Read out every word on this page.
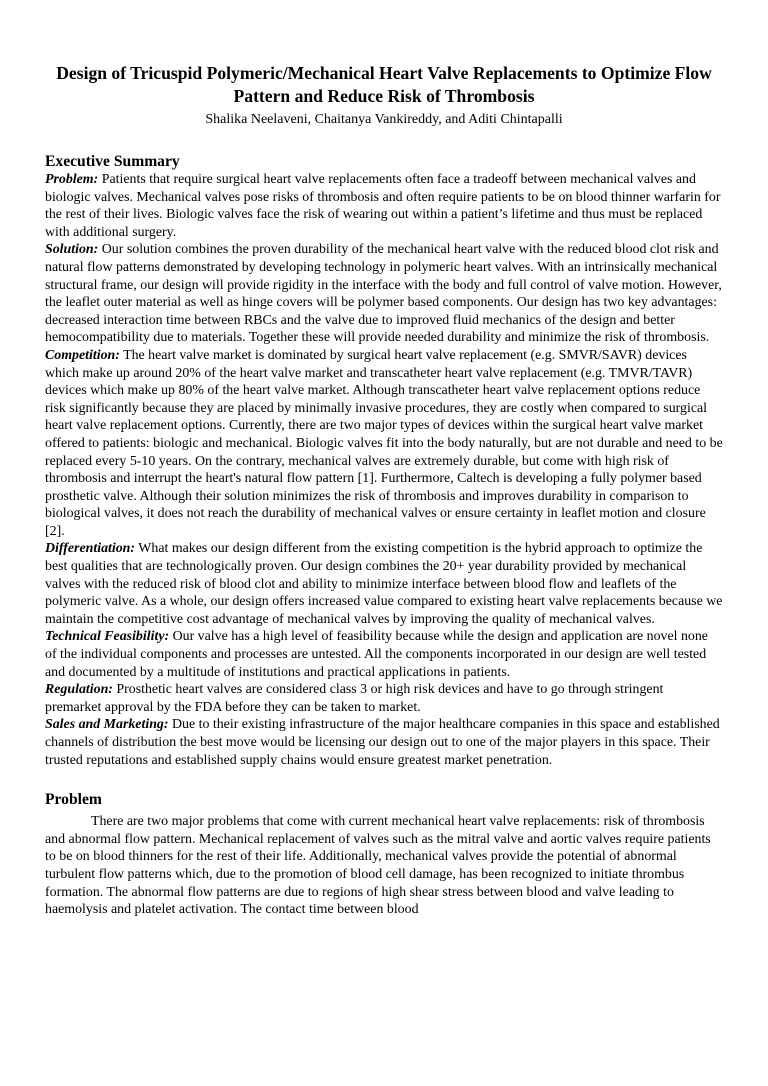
Design of Tricuspid Polymeric/Mechanical Heart Valve Replacements to Optimize Flow Pattern and Reduce Risk of Thrombosis

Shalika Neelaveni, Chaitanya Vankireddy, and Aditi Chintapalli

Executive Summary

Problem: Patients that require surgical heart valve replacements often face a tradeoff between mechanical valves and biologic valves. Mechanical valves pose risks of thrombosis and often require patients to be on blood thinner warfarin for the rest of their lives. Biologic valves face the risk of wearing out within a patient’s lifetime and thus must be replaced with additional surgery.

Solution: Our solution combines the proven durability of the mechanical heart valve with the reduced blood clot risk and natural flow patterns demonstrated by developing technology in polymeric heart valves. With an intrinsically mechanical structural frame, our design will provide rigidity in the interface with the body and full control of valve motion. However, the leaflet outer material as well as hinge covers will be polymer based components. Our design has two key advantages: decreased interaction time between RBCs and the valve due to improved fluid mechanics of the design and better hemocompatibility due to materials. Together these will provide needed durability and minimize the risk of thrombosis.

Competition: The heart valve market is dominated by surgical heart valve replacement (e.g. SMVR/SAVR) devices which make up around 20% of the heart valve market and transcatheter heart valve replacement (e.g. TMVR/TAVR) devices which make up 80% of the heart valve market. Although transcatheter heart valve replacement options reduce risk significantly because they are placed by minimally invasive procedures, they are costly when compared to surgical heart valve replacement options. Currently, there are two major types of devices within the surgical heart valve market offered to patients: biologic and mechanical. Biologic valves fit into the body naturally, but are not durable and need to be replaced every 5-10 years. On the contrary, mechanical valves are extremely durable, but come with high risk of thrombosis and interrupt the heart's natural flow pattern [1]. Furthermore, Caltech is developing a fully polymer based prosthetic valve. Although their solution minimizes the risk of thrombosis and improves durability in comparison to biological valves, it does not reach the durability of mechanical valves or ensure certainty in leaflet motion and closure [2].

Differentiation: What makes our design different from the existing competition is the hybrid approach to optimize the best qualities that are technologically proven. Our design combines the 20+ year durability provided by mechanical valves with the reduced risk of blood clot and ability to minimize interface between blood flow and leaflets of the polymeric valve. As a whole, our design offers increased value compared to existing heart valve replacements because we maintain the competitive cost advantage of mechanical valves by improving the quality of mechanical valves.

Technical Feasibility: Our valve has a high level of feasibility because while the design and application are novel none of the individual components and processes are untested. All the components incorporated in our design are well tested and documented by a multitude of institutions and practical applications in patients.

Regulation: Prosthetic heart valves are considered class 3 or high risk devices and have to go through stringent premarket approval by the FDA before they can be taken to market.

Sales and Marketing: Due to their existing infrastructure of the major healthcare companies in this space and established channels of distribution the best move would be licensing our design out to one of the major players in this space. Their trusted reputations and established supply chains would ensure greatest market penetration.

Problem

There are two major problems that come with current mechanical heart valve replacements: risk of thrombosis and abnormal flow pattern. Mechanical replacement of valves such as the mitral valve and aortic valves require patients to be on blood thinners for the rest of their life. Additionally, mechanical valves provide the potential of abnormal turbulent flow patterns which, due to the promotion of blood cell damage, has been recognized to initiate thrombus formation. The abnormal flow patterns are due to regions of high shear stress between blood and valve leading to haemolysis and platelet activation. The contact time between blood
